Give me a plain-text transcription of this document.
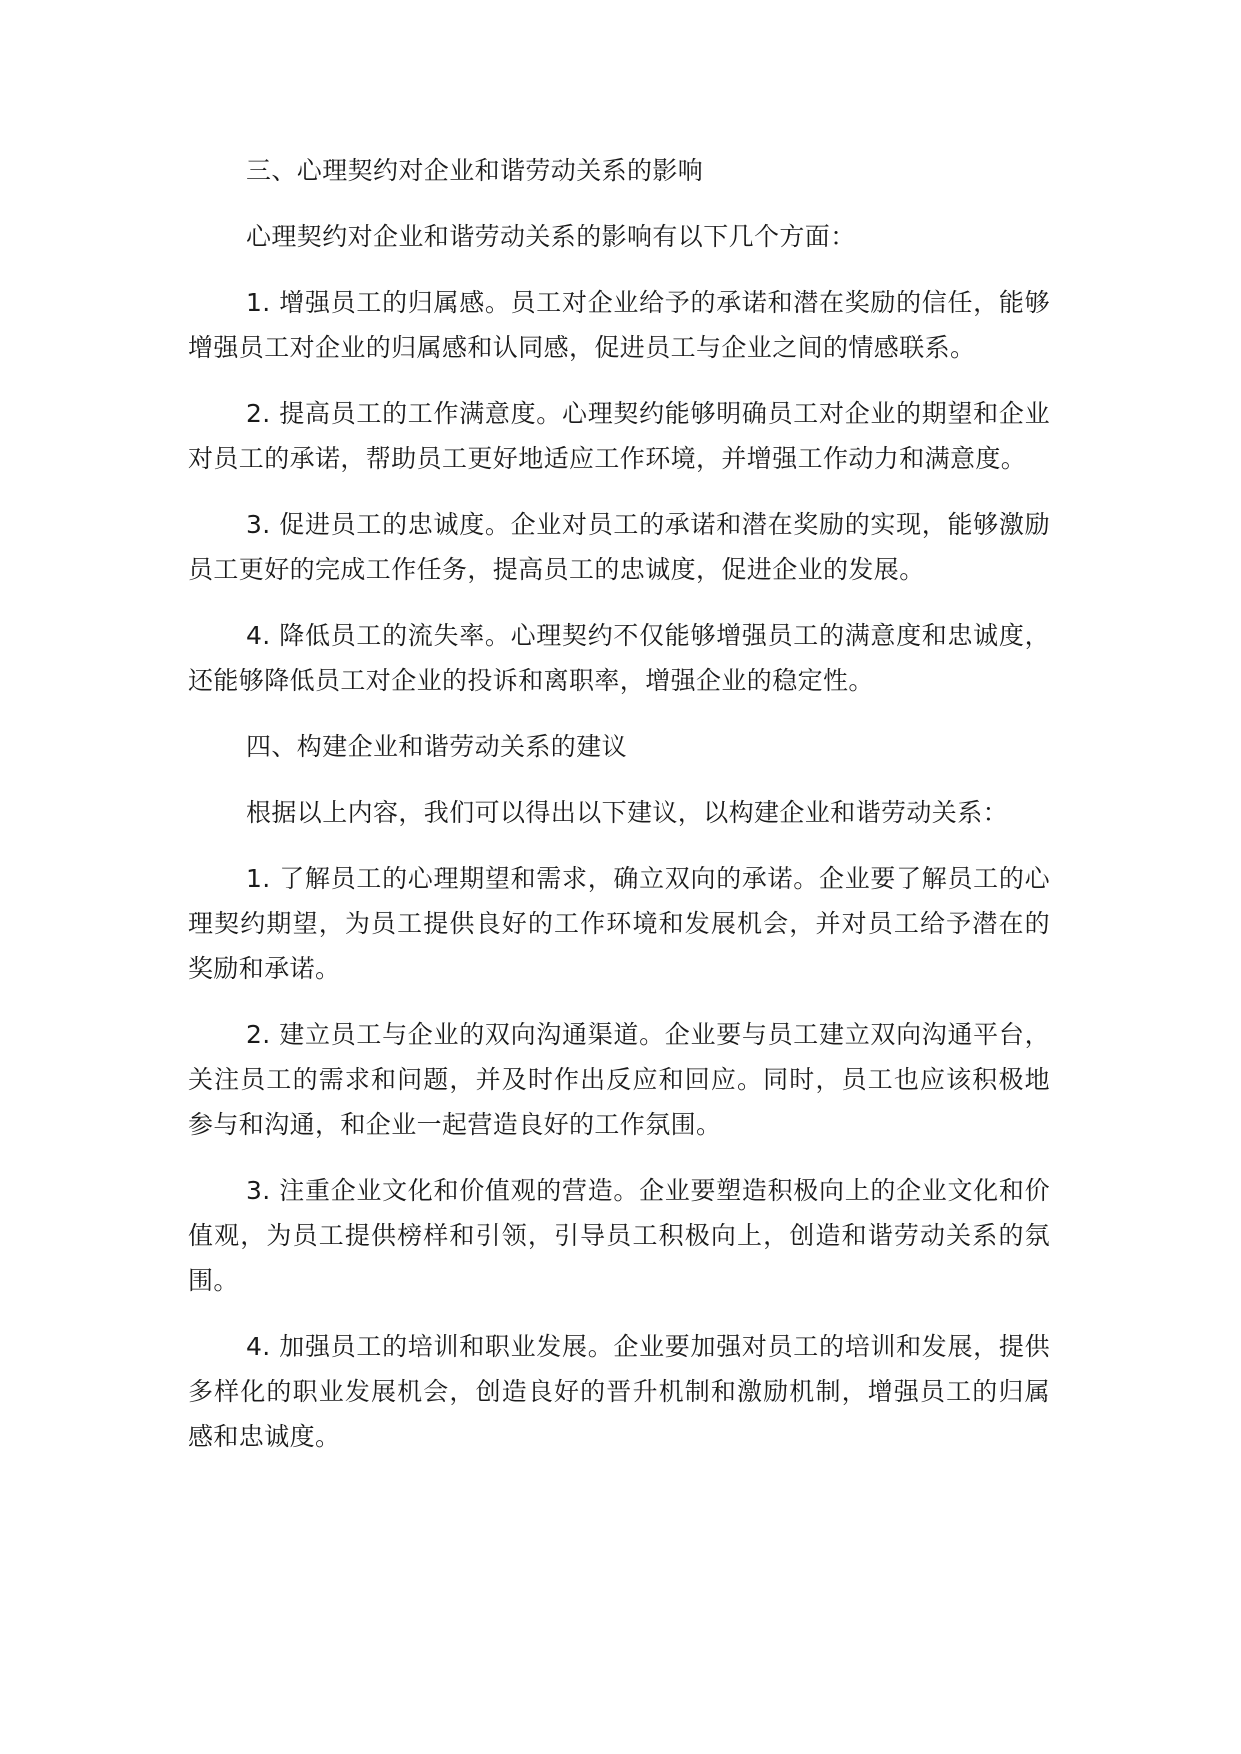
三、心理契约对企业和谐劳动关系的影响

心理契约对企业和谐劳动关系的影响有以下几个方面：

1. 增强员工的归属感。员工对企业给予的承诺和潜在奖励的信任，能够增强员工对企业的归属感和认同感，促进员工与企业之间的情感联系。

2. 提高员工的工作满意度。心理契约能够明确员工对企业的期望和企业对员工的承诺，帮助员工更好地适应工作环境，并增强工作动力和满意度。

3. 促进员工的忠诚度。企业对员工的承诺和潜在奖励的实现，能够激励员工更好的完成工作任务，提高员工的忠诚度，促进企业的发展。

4. 降低员工的流失率。心理契约不仅能够增强员工的满意度和忠诚度，还能够降低员工对企业的投诉和离职率，增强企业的稳定性。

四、构建企业和谐劳动关系的建议

根据以上内容，我们可以得出以下建议，以构建企业和谐劳动关系：

1. 了解员工的心理期望和需求，确立双向的承诺。企业要了解员工的心理契约期望，为员工提供良好的工作环境和发展机会，并对员工给予潜在的奖励和承诺。

2. 建立员工与企业的双向沟通渠道。企业要与员工建立双向沟通平台，关注员工的需求和问题，并及时作出反应和回应。同时，员工也应该积极地参与和沟通，和企业一起营造良好的工作氛围。

3. 注重企业文化和价值观的营造。企业要塑造积极向上的企业文化和价值观，为员工提供榜样和引领，引导员工积极向上，创造和谐劳动关系的氛围。

4. 加强员工的培训和职业发展。企业要加强对员工的培训和发展，提供多样化的职业发展机会，创造良好的晋升机制和激励机制，增强员工的归属感和忠诚度。
